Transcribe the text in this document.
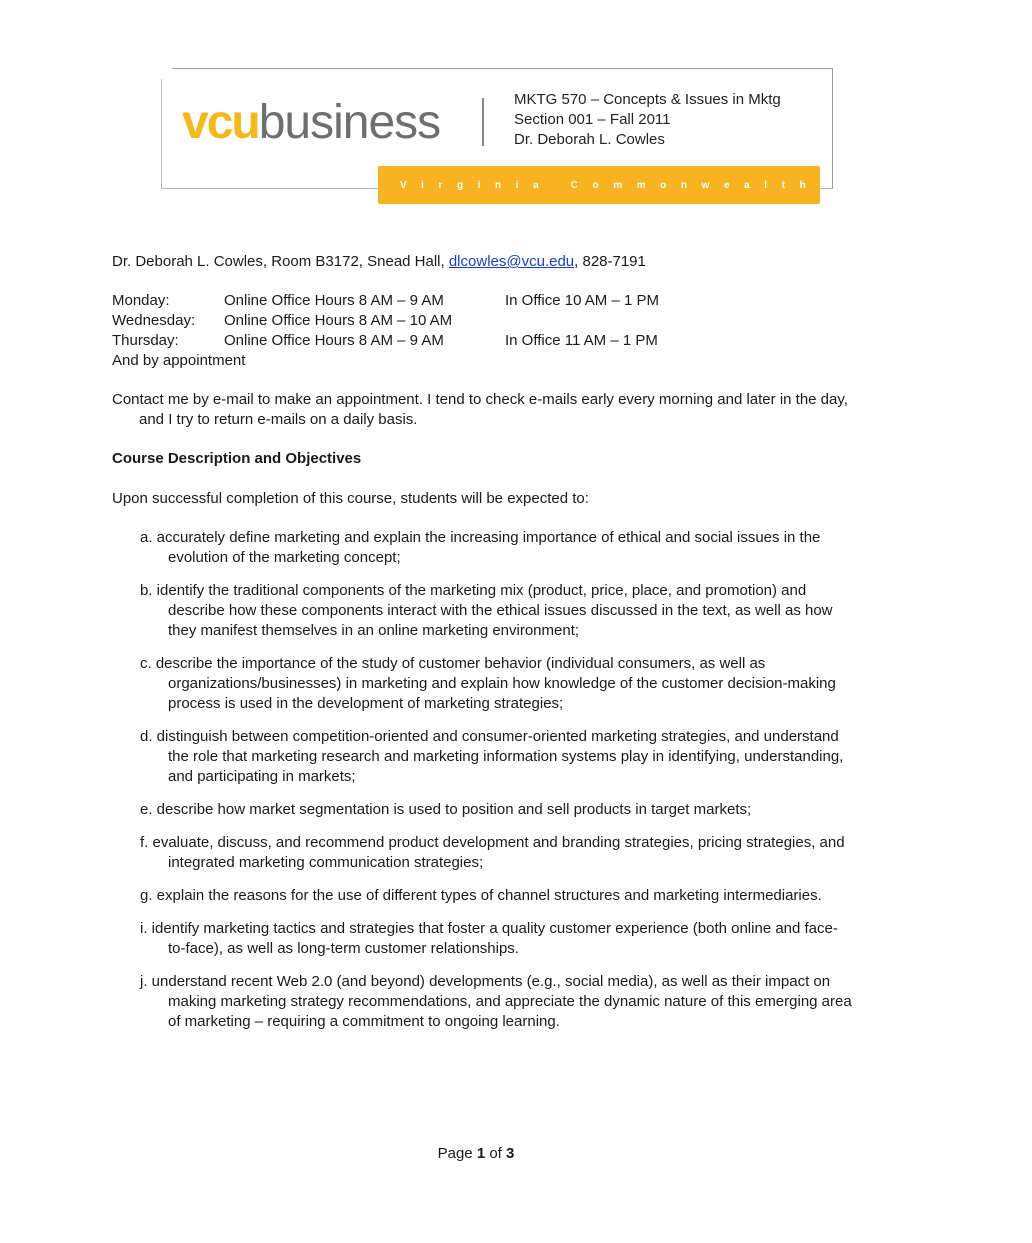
vcubusiness	MKTG 570 – Concepts & Issues in Mktg
Section 001 – Fall 2011
Dr. Deborah L. Cowles
Virginia Commonwealth University
Dr. Deborah L. Cowles, Room B3172, Snead Hall, dlcowles@vcu.edu, 828-7191
Monday:	Online Office Hours 8 AM – 9 AM	In Office 10 AM – 1 PM
Wednesday:	Online Office Hours 8 AM – 10 AM
Thursday:	Online Office Hours 8 AM – 9 AM	In Office 11 AM – 1 PM
And by appointment
Contact me by e-mail to make an appointment. I tend to check e-mails early every morning and later in the day, and I try to return e-mails on a daily basis.
Course Description and Objectives
Upon successful completion of this course, students will be expected to:
a. accurately define marketing and explain the increasing importance of ethical and social issues in the evolution of the marketing concept;
b. identify the traditional components of the marketing mix (product, price, place, and promotion) and describe how these components interact with the ethical issues discussed in the text, as well as how they manifest themselves in an online marketing environment;
c. describe the importance of the study of customer behavior (individual consumers, as well as organizations/businesses) in marketing and explain how knowledge of the customer decision-making process is used in the development of marketing strategies;
d. distinguish between competition-oriented and consumer-oriented marketing strategies, and understand the role that marketing research and marketing information systems play in identifying, understanding, and participating in markets;
e. describe how market segmentation is used to position and sell products in target markets;
f. evaluate, discuss, and recommend product development and branding strategies, pricing strategies, and integrated marketing communication strategies;
g. explain the reasons for the use of different types of channel structures and marketing intermediaries.
i. identify marketing tactics and strategies that foster a quality customer experience (both online and face-to-face), as well as long-term customer relationships.
j. understand recent Web 2.0 (and beyond) developments (e.g., social media), as well as their impact on making marketing strategy recommendations, and appreciate the dynamic nature of this emerging area of marketing – requiring a commitment to ongoing learning.
Page 1 of 3
